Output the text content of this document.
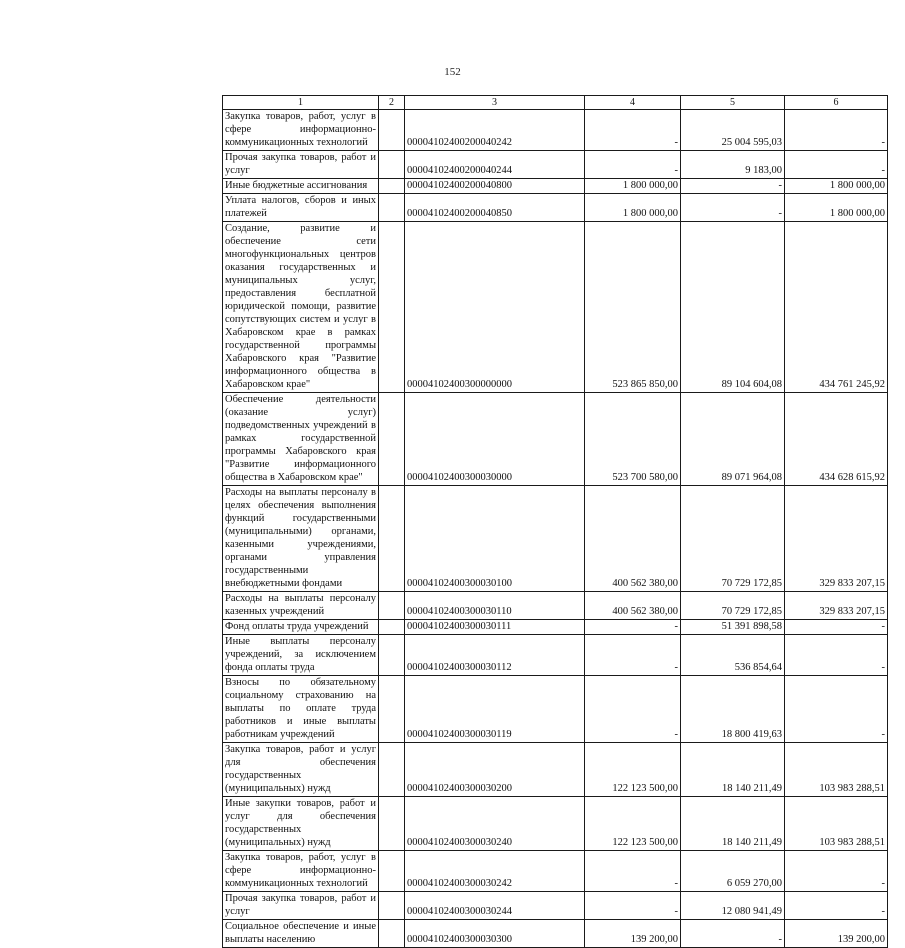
152
1	2	3	4	5	6
Закупка товаров, работ, услуг в сфере информационно-коммуникационных технологий		00004102400200040242	-	25 004 595,03	-
Прочая закупка товаров, работ и услуг		00004102400200040244	-	9 183,00	-
Иные бюджетные ассигнования		00004102400200040800	1 800 000,00	-	1 800 000,00
Уплата налогов, сборов и иных платежей		00004102400200040850	1 800 000,00	-	1 800 000,00
Создание, развитие и обеспечение сети многофункциональных центров оказания государственных и муниципальных услуг, предоставления бесплатной юридической помощи, развитие сопутствующих систем и услуг в Хабаровском крае в рамках государственной программы Хабаровского края "Развитие информационного общества в Хабаровском крае"		00004102400300000000	523 865 850,00	89 104 604,08	434 761 245,92
Обеспечение деятельности (оказание услуг) подведомственных учреждений в рамках государственной программы Хабаровского края "Развитие информационного общества в Хабаровском крае"		00004102400300030000	523 700 580,00	89 071 964,08	434 628 615,92
Расходы на выплаты персоналу в целях обеспечения выполнения функций государственными (муниципальными) органами, казенными учреждениями, органами управления государственными внебюджетными фондами		00004102400300030100	400 562 380,00	70 729 172,85	329 833 207,15
Расходы на выплаты персоналу казенных учреждений		00004102400300030110	400 562 380,00	70 729 172,85	329 833 207,15
Фонд оплаты труда учреждений		00004102400300030111	-	51 391 898,58	-
Иные выплаты персоналу учреждений, за исключением фонда оплаты труда		00004102400300030112	-	536 854,64	-
Взносы по обязательному социальному страхованию на выплаты по оплате труда работников и иные выплаты работникам учреждений		00004102400300030119	-	18 800 419,63	-
Закупка товаров, работ и услуг для обеспечения государственных (муниципальных) нужд		00004102400300030200	122 123 500,00	18 140 211,49	103 983 288,51
Иные закупки товаров, работ и услуг для обеспечения государственных (муниципальных) нужд		00004102400300030240	122 123 500,00	18 140 211,49	103 983 288,51
Закупка товаров, работ, услуг в сфере информационно-коммуникационных технологий		00004102400300030242	-	6 059 270,00	-
Прочая закупка товаров, работ и услуг		00004102400300030244	-	12 080 941,49	-
Социальное обеспечение и иные выплаты населению		00004102400300030300	139 200,00	-	139 200,00
